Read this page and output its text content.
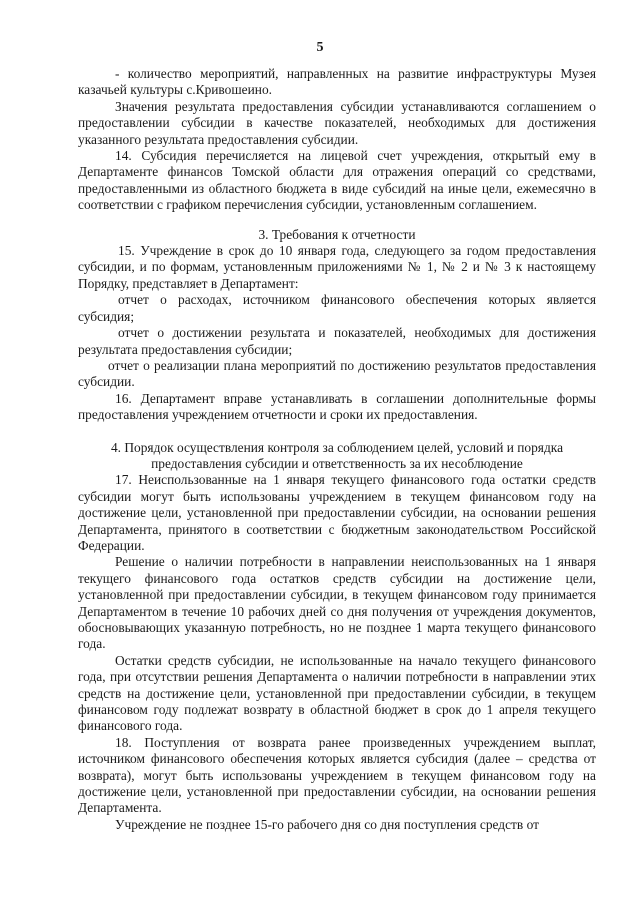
5

- количество мероприятий, направленных на развитие инфраструктуры Музея казачьей культуры с.Кривошеино.

Значения результата предоставления субсидии устанавливаются соглашением о предоставлении субсидии в качестве показателей, необходимых для достижения указанного результата предоставления субсидии.

14. Субсидия перечисляется на лицевой счет учреждения, открытый ему в Департаменте финансов Томской области для отражения операций со средствами, предоставленными из областного бюджета в виде субсидий на иные цели, ежемесячно в соответствии с графиком перечисления субсидии, установленным соглашением.

3. Требования к отчетности

15. Учреждение в срок до 10 января года, следующего за годом предоставления субсидии, и по формам, установленным приложениями № 1, № 2 и № 3 к настоящему Порядку, представляет в Департамент:

отчет о расходах, источником финансового обеспечения которых является субсидия;

отчет о достижении результата и показателей, необходимых для достижения результата предоставления субсидии;

отчет о реализации плана мероприятий по достижению результатов предоставления субсидии.

16. Департамент вправе устанавливать в соглашении дополнительные формы предоставления учреждением отчетности и сроки их предоставления.

4. Порядок осуществления контроля за соблюдением целей, условий и порядка

предоставления субсидии и ответственность за их несоблюдение

17. Неиспользованные на 1 января текущего финансового года остатки средств субсидии могут быть использованы учреждением в текущем финансовом году на достижение цели, установленной при предоставлении субсидии, на основании решения Департамента, принятого в соответствии с бюджетным законодательством Российской Федерации.

Решение о наличии потребности в направлении неиспользованных на 1 января текущего финансового года остатков средств субсидии на достижение цели, установленной при предоставлении субсидии, в текущем финансовом году принимается Департаментом в течение 10 рабочих дней со дня получения от учреждения документов, обосновывающих указанную потребность, но не позднее 1 марта текущего финансового года.

Остатки средств субсидии, не использованные на начало текущего финансового года, при отсутствии решения Департамента о наличии потребности в направлении этих средств на достижение цели, установленной при предоставлении субсидии, в текущем финансовом году подлежат возврату в областной бюджет в срок до 1 апреля текущего финансового года.

18. Поступления от возврата ранее произведенных учреждением выплат, источником финансового обеспечения которых является субсидия (далее – средства от возврата), могут быть использованы учреждением в текущем финансовом году на достижение цели, установленной при предоставлении субсидии, на основании решения Департамента.

Учреждение не позднее 15-го рабочего дня со дня поступления средств от
